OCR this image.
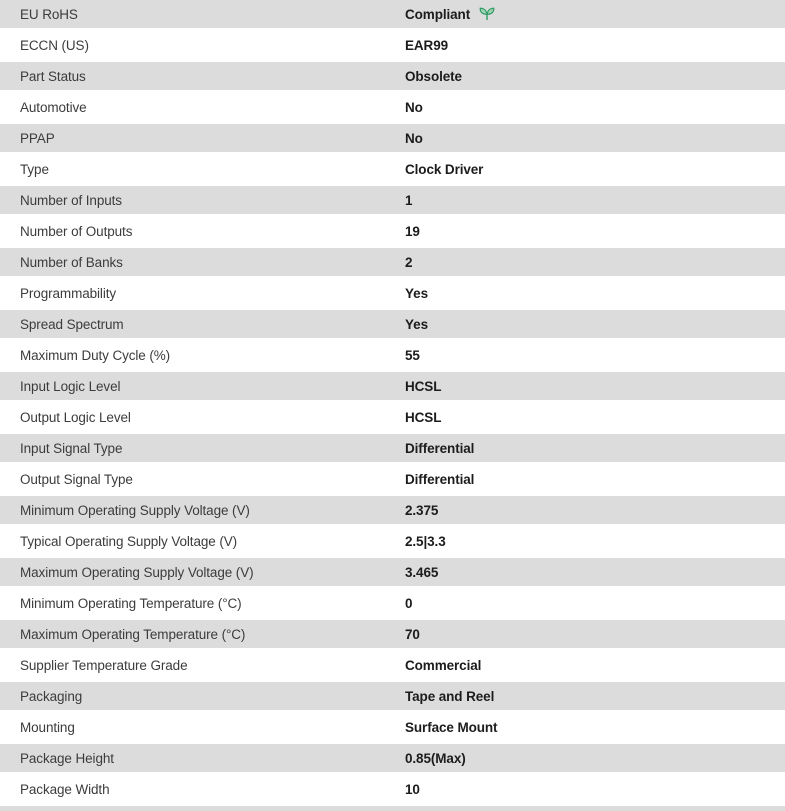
EU RoHS	Compliant
ECCN (US)	EAR99
Part Status	Obsolete
Automotive	No
PPAP	No
Type	Clock Driver
Number of Inputs	1
Number of Outputs	19
Number of Banks	2
Programmability	Yes
Spread Spectrum	Yes
Maximum Duty Cycle (%)	55
Input Logic Level	HCSL
Output Logic Level	HCSL
Input Signal Type	Differential
Output Signal Type	Differential
Minimum Operating Supply Voltage (V)	2.375
Typical Operating Supply Voltage (V)	2.5|3.3
Maximum Operating Supply Voltage (V)	3.465
Minimum Operating Temperature (°C)	0
Maximum Operating Temperature (°C)	70
Supplier Temperature Grade	Commercial
Packaging	Tape and Reel
Mounting	Surface Mount
Package Height	0.85(Max)
Package Width	10
